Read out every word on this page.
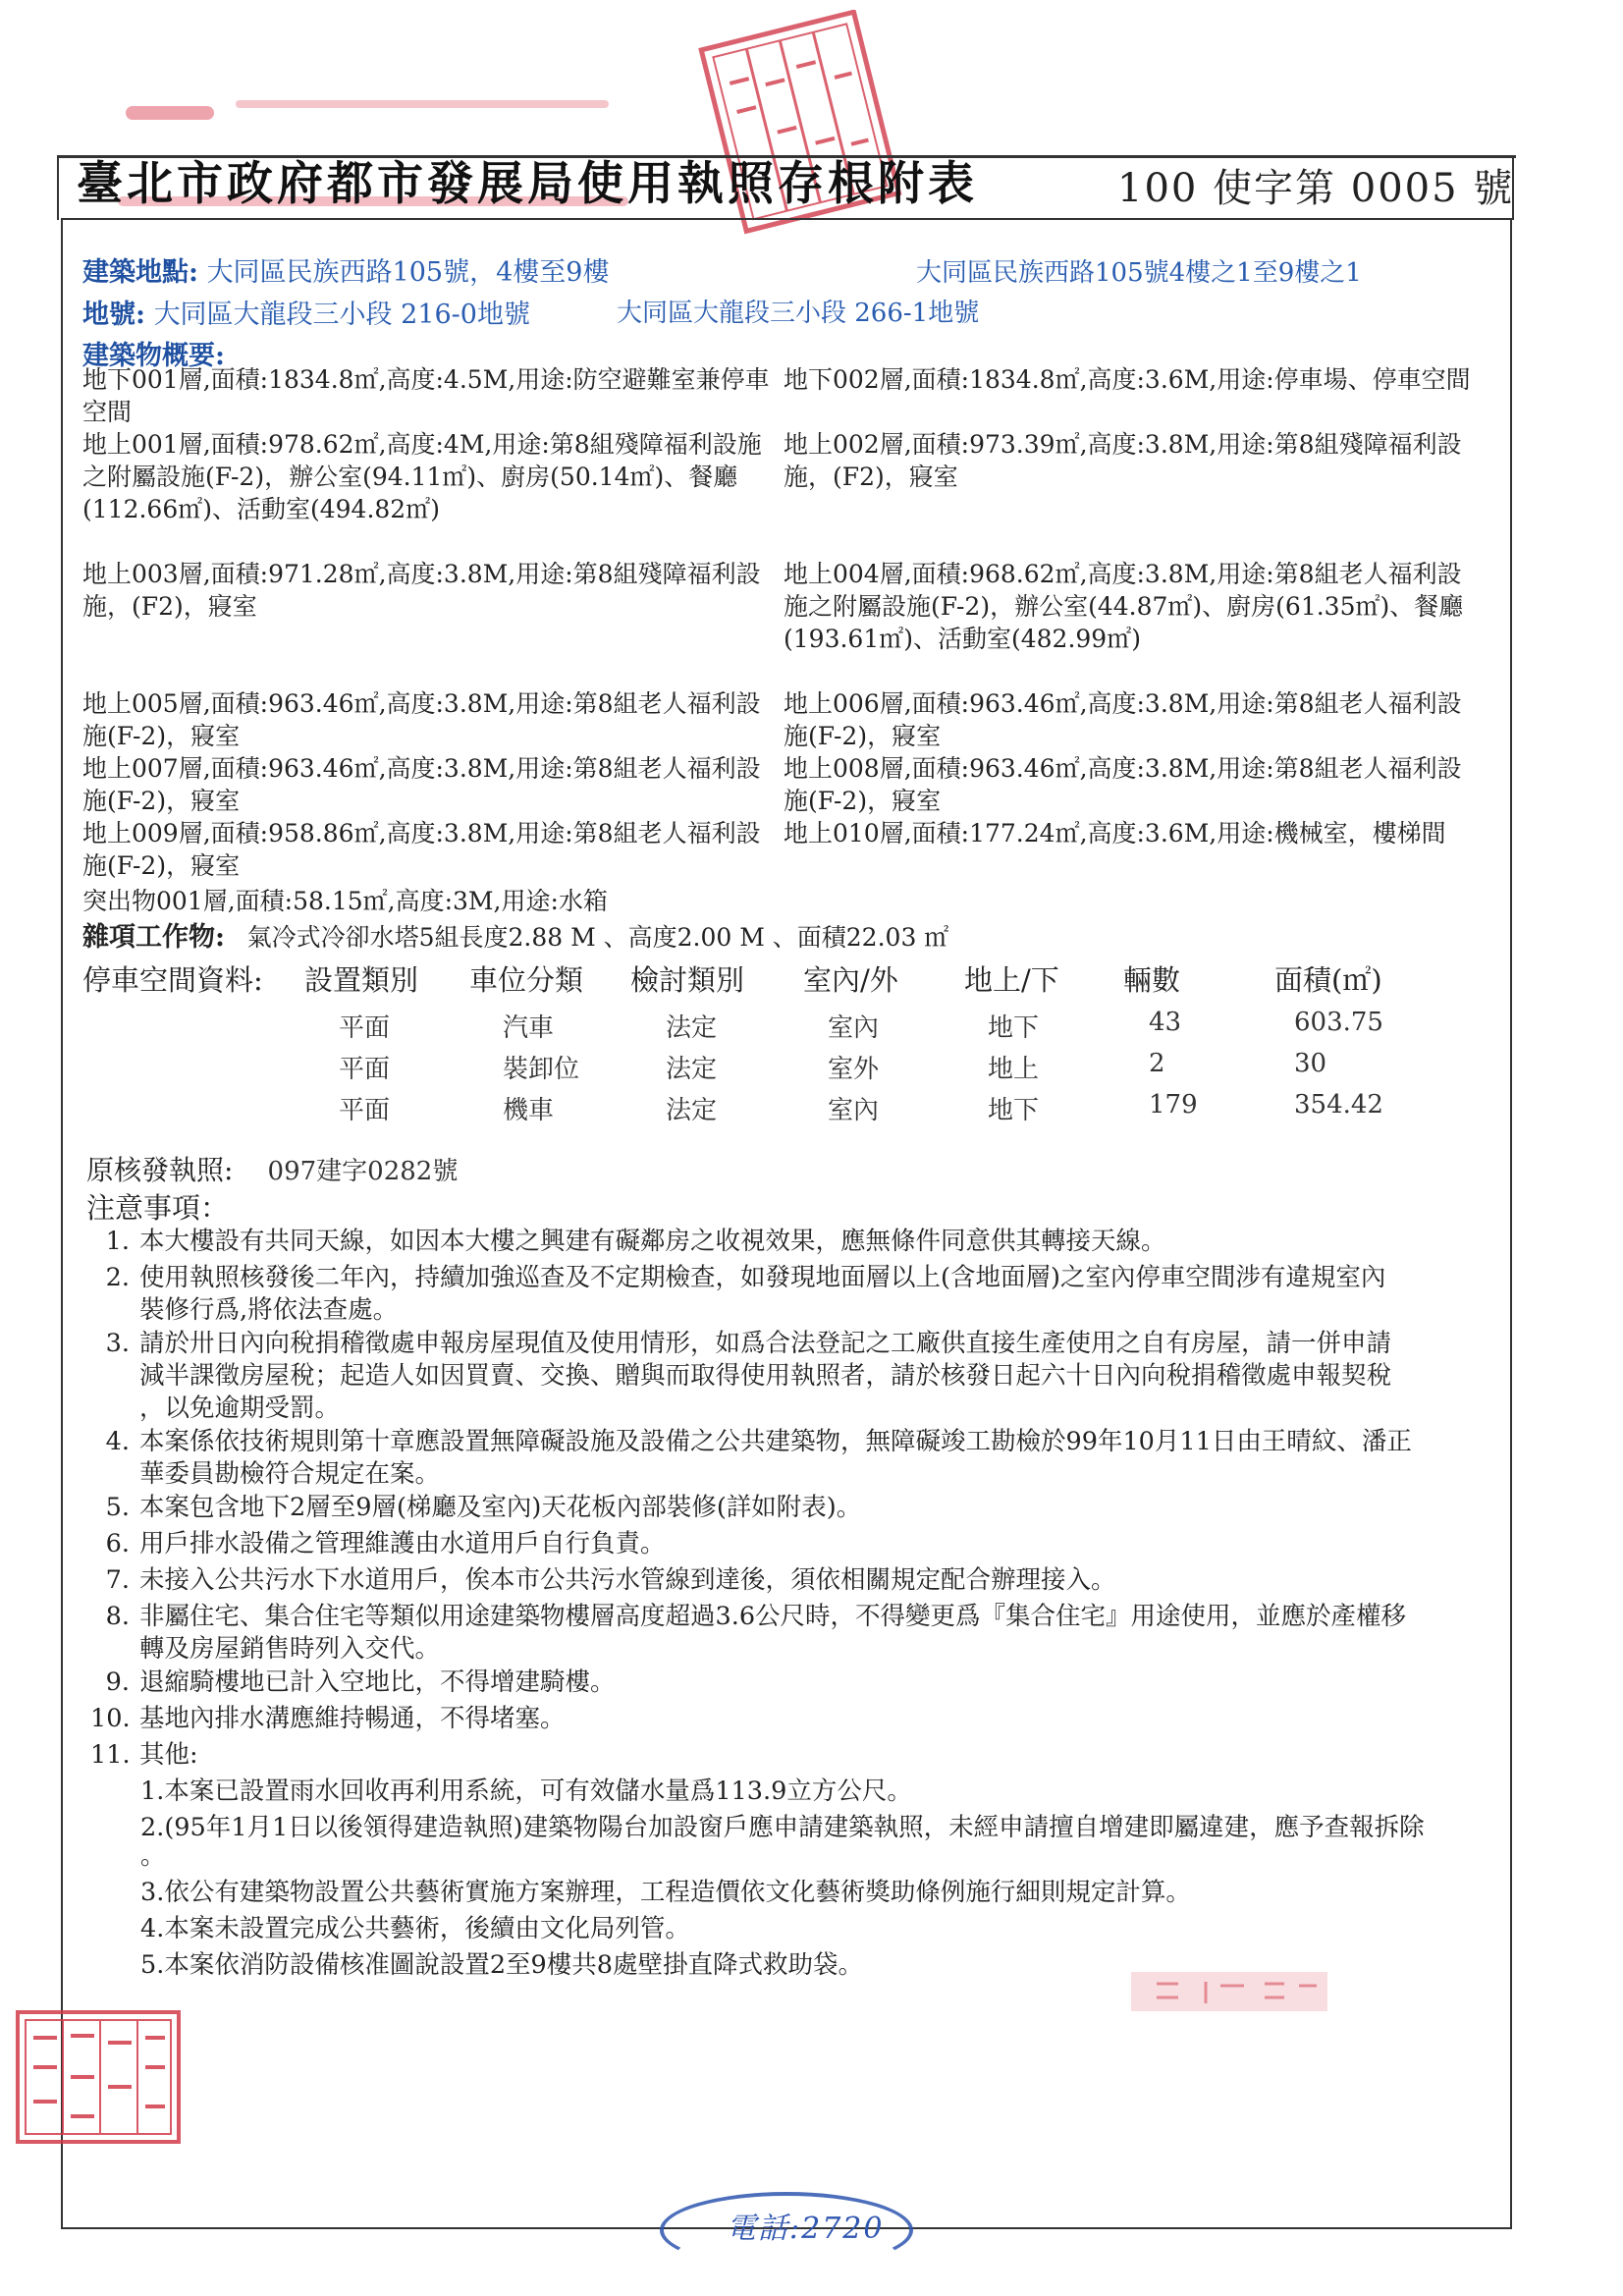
臺北市政府都市發展局使用執照存根附表	100 使字第 0005 號
建築地點: 大同區民族西路105號，4樓至9樓	大同區民族西路105號4樓之1至9樓之1
地號: 大同區大龍段三小段 216-0地號	大同區大龍段三小段 266-1地號
建築物概要:
地下001層,面積:1834.8㎡,高度:4.5M,用途:防空避難室兼停車空間
地下002層,面積:1834.8㎡,高度:3.6M,用途:停車場、停車空間
地上001層,面積:978.62㎡,高度:4M,用途:第8組殘障福利設施之附屬設施(F-2)，辦公室(94.11㎡)、廚房(50.14㎡)、餐廳(112.66㎡)、活動室(494.82㎡)
地上002層,面積:973.39㎡,高度:3.8M,用途:第8組殘障福利設施，(F2)，寢室
地上003層,面積:971.28㎡,高度:3.8M,用途:第8組殘障福利設施，(F2)，寢室
地上004層,面積:968.62㎡,高度:3.8M,用途:第8組老人福利設施之附屬設施(F-2)，辦公室(44.87㎡)、廚房(61.35㎡)、餐廳(193.61㎡)、活動室(482.99㎡)
地上005層,面積:963.46㎡,高度:3.8M,用途:第8組老人福利設施(F-2)，寢室
地上006層,面積:963.46㎡,高度:3.8M,用途:第8組老人福利設施(F-2)，寢室
地上007層,面積:963.46㎡,高度:3.8M,用途:第8組老人福利設施(F-2)，寢室
地上008層,面積:963.46㎡,高度:3.8M,用途:第8組老人福利設施(F-2)，寢室
地上009層,面積:958.86㎡,高度:3.8M,用途:第8組老人福利設施(F-2)，寢室
地上010層,面積:177.24㎡,高度:3.6M,用途:機械室，樓梯間
突出物001層,面積:58.15㎡,高度:3M,用途:水箱
雜項工作物: 氣冷式冷卻水塔5組長度2.88 M 、高度2.00 M 、面積22.03 ㎡
停車空間資料: 設置類別 車位分類 檢討類別 室內/外 地上/下 輛數	面積(㎡)
平面	汽車	法定	室內	地下	43	603.75
平面	裝卸位	法定	室外	地上	2	30
平面	機車	法定	室內	地下	179	354.42
原核發執照: 097建字0282號
注意事項：
1. 本大樓設有共同天線，如因本大樓之興建有礙鄰房之收視效果，應無條件同意供其轉接天線。
2. 使用執照核發後二年內，持續加強巡查及不定期檢查，如發現地面層以上(含地面層)之室內停車空間涉有違規室內
裝修行爲,將依法查處。
3. 請於卅日內向稅捐稽徵處申報房屋現值及使用情形，如爲合法登記之工廠供直接生產使用之自有房屋，請一併申請
減半課徵房屋稅；起造人如因買賣、交換、贈與而取得使用執照者，請於核發日起六十日內向稅捐稽徵處申報契稅
，以免逾期受罰。
4. 本案係依技術規則第十章應設置無障礙設施及設備之公共建築物，無障礙竣工勘檢於99年10月11日由王晴紋、潘正
華委員勘檢符合規定在案。
5. 本案包含地下2層至9層(梯廳及室內)天花板內部裝修(詳如附表)。
6. 用戶排水設備之管理維護由水道用戶自行負責。
7. 未接入公共污水下水道用戶，俟本市公共污水管線到達後，須依相關規定配合辦理接入。
8. 非屬住宅、集合住宅等類似用途建築物樓層高度超過3.6公尺時，不得變更爲『集合住宅』用途使用，並應於產權移
轉及房屋銷售時列入交代。
9. 退縮騎樓地已計入空地比，不得增建騎樓。
10. 基地內排水溝應維持暢通，不得堵塞。
11. 其他:
1.本案已設置雨水回收再利用系統，可有效儲水量爲113.9立方公尺。
2.(95年1月1日以後領得建造執照)建築物陽台加設窗戶應申請建築執照，未經申請擅自增建即屬違建，應予查報拆除
。
3.依公有建築物設置公共藝術實施方案辦理，工程造價依文化藝術獎助條例施行細則規定計算。
4.本案未設置完成公共藝術，後續由文化局列管。
5.本案依消防設備核准圖說設置2至9樓共8處壁掛直降式救助袋。
電話:2720
